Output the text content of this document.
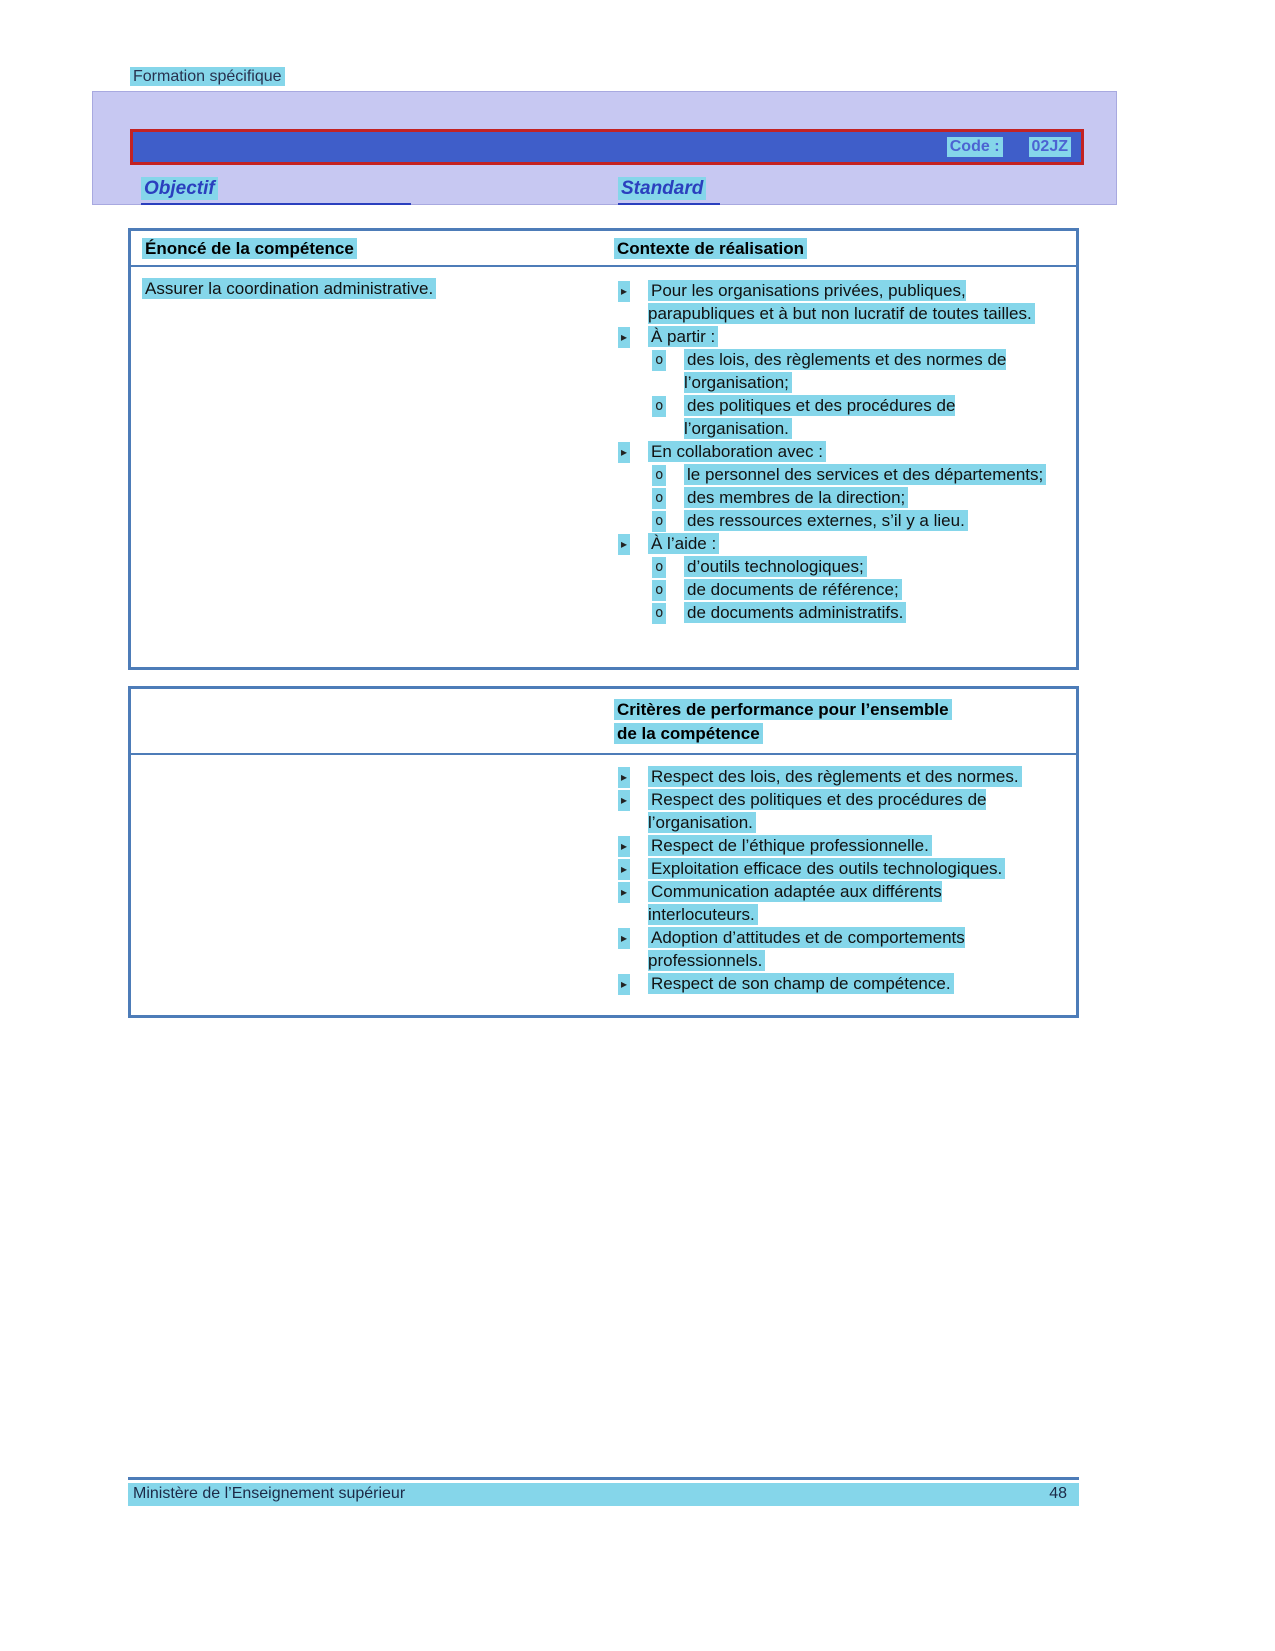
Formation spécifique
Code : 02JZ
Objectif	Standard
Énoncé de la compétence	Contexte de réalisation
Assurer la coordination administrative.	▸ Pour les organisations privées, publiques, parapubliques et à but non lucratif de toutes tailles.
▸ À partir :
o des lois, des règlements et des normes de l’organisation;
o des politiques et des procédures de l’organisation.
▸ En collaboration avec :
o le personnel des services et des départements;
o des membres de la direction;
o des ressources externes, s’il y a lieu.
▸ À l’aide :
o d’outils technologiques;
o de documents de référence;
o de documents administratifs.
Critères de performance pour l’ensemble
de la compétence
▸ Respect des lois, des règlements et des normes.
▸ Respect des politiques et des procédures de l’organisation.
▸ Respect de l’éthique professionnelle.
▸ Exploitation efficace des outils technologiques.
▸ Communication adaptée aux différents interlocuteurs.
▸ Adoption d’attitudes et de comportements professionnels.
▸ Respect de son champ de compétence.
Ministère de l’Enseignement supérieur	48
